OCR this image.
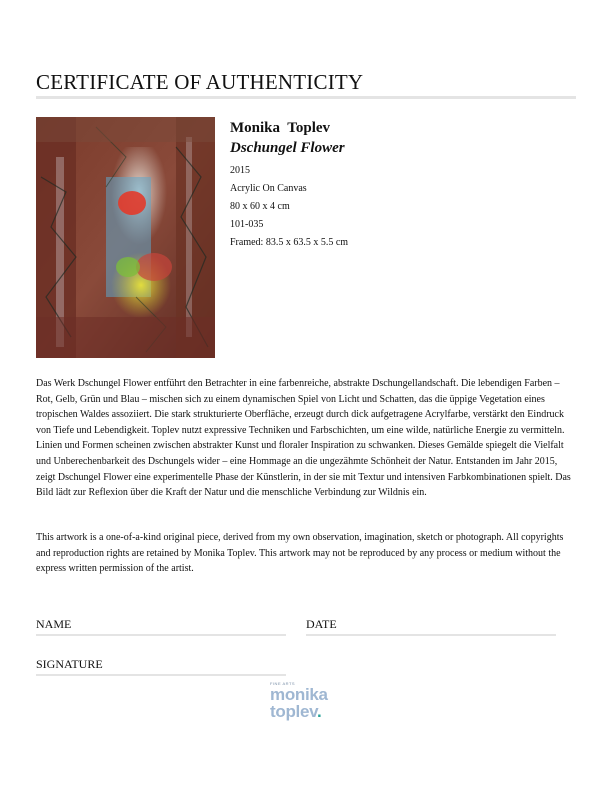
CERTIFICATE OF AUTHENTICITY
Monika  Toplev
Dschungel Flower
2015
Acrylic On Canvas
80 x 60 x 4 cm
101-035
Framed: 83.5 x 63.5 x 5.5 cm

Das Werk Dschungel Flower entführt den Betrachter in eine farbenreiche, abstrakte Dschungellandschaft. Die lebendigen Farben – Rot, Gelb, Grün und Blau – mischen sich zu einem dynamischen Spiel von Licht und Schatten, das die üppige Vegetation eines tropischen Waldes assoziiert. Die stark strukturierte Oberfläche, erzeugt durch dick aufgetragene Acrylfarbe, verstärkt den Eindruck von Tiefe und Lebendigkeit. Toplev nutzt expressive Techniken und Farbschichten, um eine wilde, natürliche Energie zu vermitteln. Linien und Formen scheinen zwischen abstrakter Kunst und floraler Inspiration zu schwanken. Dieses Gemälde spiegelt die Vielfalt und Unberechenbarkeit des Dschungels wider – eine Hommage an die ungezähmte Schönheit der Natur. Entstanden im Jahr 2015, zeigt Dschungel Flower eine experimentelle Phase der Künstlerin, in der sie mit Textur und intensiven Farbkombinationen spielt. Das Bild lädt zur Reflexion über die Kraft der Natur und die menschliche Verbindung zur Wildnis ein.

This artwork is a one-of-a-kind original piece, derived from my own observation, imagination, sketch or photograph. All copyrights and reproduction rights are retained by Monika Toplev. This artwork may not be reproduced by any process or medium without the express written permission of the artist.

NAME	DATE
SIGNATURE
FINE ARTS
monika
toplev.
